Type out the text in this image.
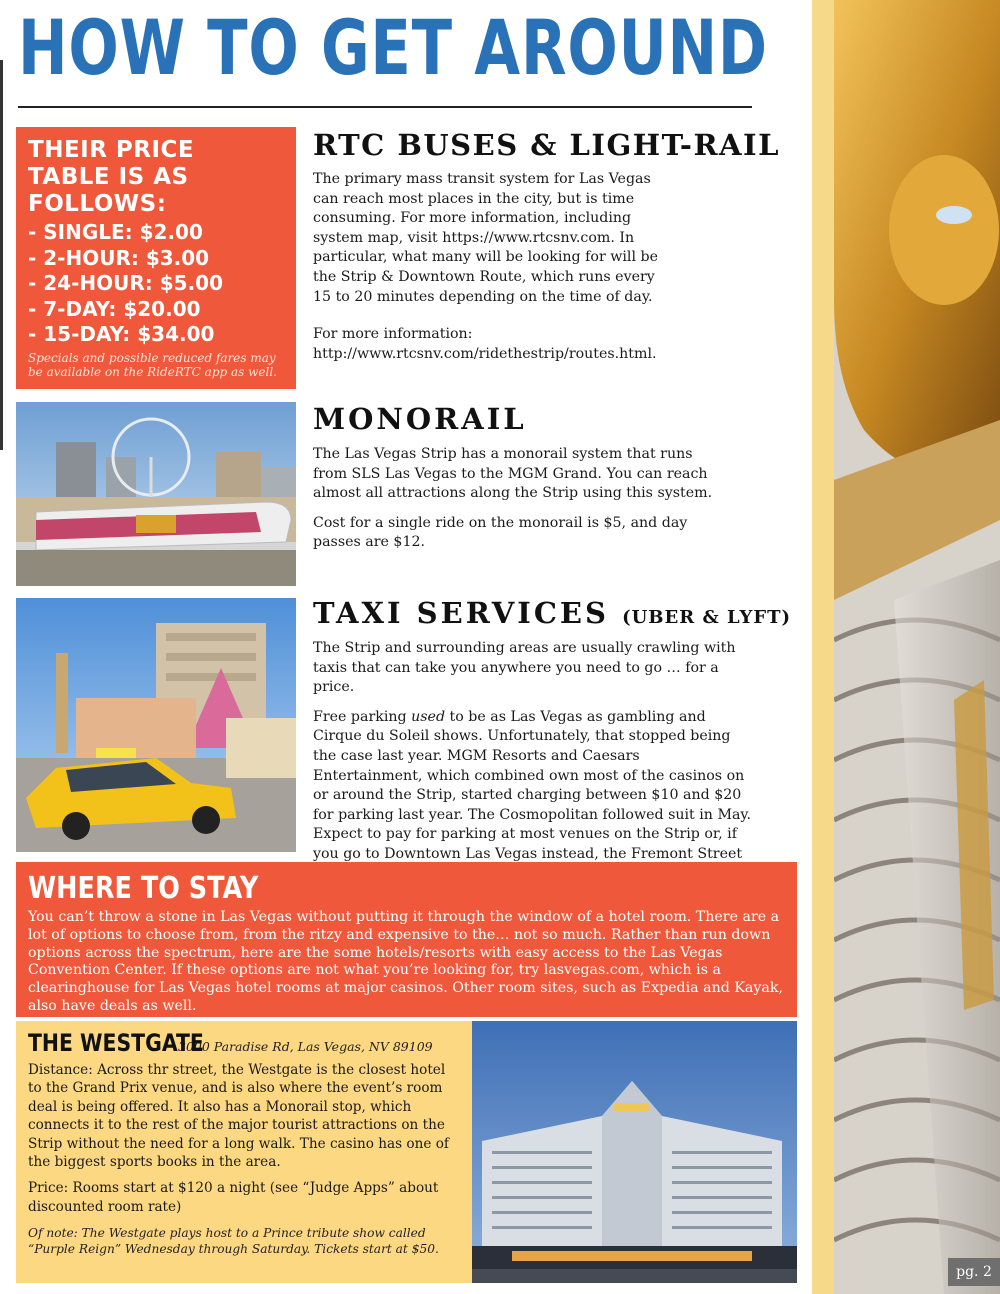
HOW TO GET AROUND
THEIR PRICE TABLE IS AS FOLLOWS:
- SINGLE: $2.00
- 2-HOUR: $3.00
- 24-HOUR: $5.00
- 7-DAY: $20.00
- 15-DAY: $34.00
Specials and possible reduced fares may be available on the RideRTC app as well.
RTC BUSES & LIGHT-RAIL

The primary mass transit system for Las Vegas can reach most places in the city, but is time consuming. For more information, including system map, visit https://www.rtcsnv.com. In particular, what many will be looking for will be the Strip & Downtown Route, which runs every 15 to 20 minutes depending on the time of day.

For more information: http://www.rtcsnv.com/ridethestrip/routes.html.

MONORAIL

The Las Vegas Strip has a monorail system that runs from SLS Las Vegas to the MGM Grand. You can reach almost all attractions along the Strip using this system.

Cost for a single ride on the monorail is $5, and day passes are $12.

TAXI SERVICES (UBER & LYFT)

The Strip and surrounding areas are usually crawling with taxis that can take you anywhere you need to go … for a price.

Free parking used to be as Las Vegas as gambling and Cirque du Soleil shows. Unfortunately, that stopped being the case last year. MGM Resorts and Caesars Entertainment, which combined own most of the casinos on or around the Strip, started charging between $10 and $20 for parking last year. The Cosmopolitan followed suit in May. Expect to pay for parking at most venues on the Strip or, if you go to Downtown Las Vegas instead, the Fremont Street

WHERE TO STAY
You can’t throw a stone in Las Vegas without putting it through the window of a hotel room. There are a lot of options to choose from, from the ritzy and expensive to the… not so much. Rather than run down options across the spectrum, here are the some hotels/resorts with easy access to the Las Vegas Convention Center. If these options are not what you’re looking for, try lasvegas.com, which is a clearinghouse for Las Vegas hotel rooms at major casinos. Other room sites, such as Expedia and Kayak, also have deals as well.
THE WESTGATE
3000 Paradise Rd, Las Vegas, NV 89109

Distance: Across thr street, the Westgate is the closest hotel to the Grand Prix venue, and is also where the event’s room deal is being offered. It also has a Monorail stop, which connects it to the rest of the major tourist attractions on the Strip without the need for a long walk. The casino has one of the biggest sports books in the area.

Price: Rooms start at $120 a night (see “Judge Apps” about discounted room rate)

Of note: The Westgate plays host to a Prince tribute show called “Purple Reign” Wednesday through Saturday. Tickets start at $50.

pg. 2
